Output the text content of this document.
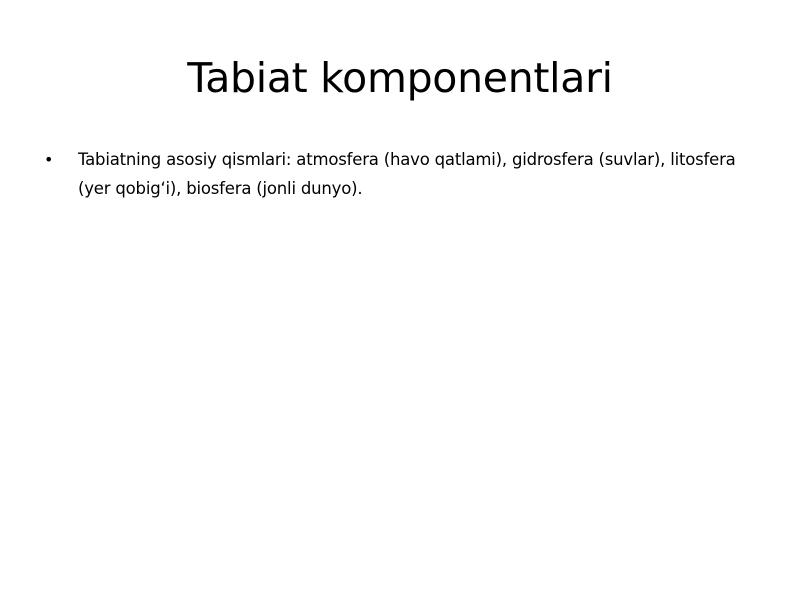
Tabiat komponentlari
• Tabiatning asosiy qismlari: atmosfera (havo qatlami), gidrosfera (suvlar), litosfera (yer qobig‘i), biosfera (jonli dunyo).
